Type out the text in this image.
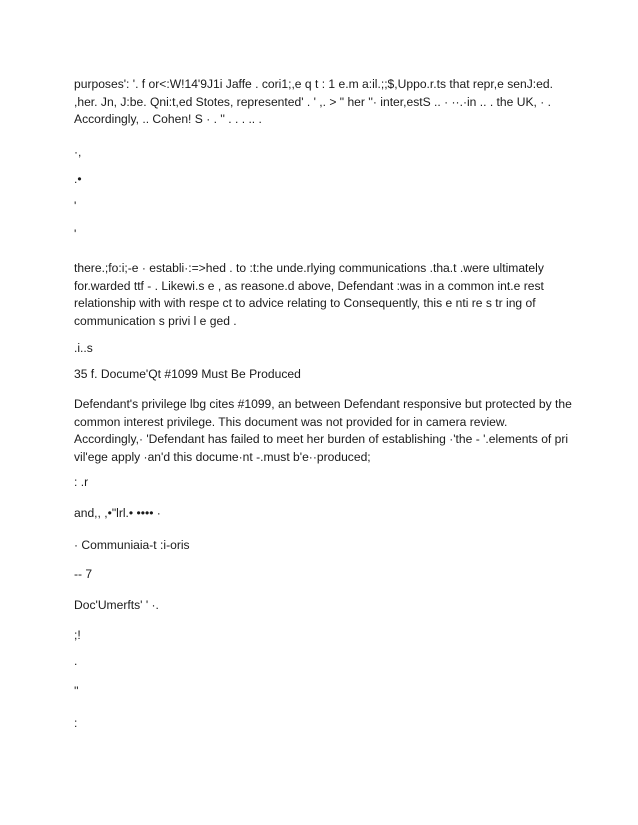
purposes': '. f or<:W!14'9J1i Jaffe . cori1;,e q t : 1 e.m a:il.;;$,Uppo.r.ts that repr,e senJ:ed. ,her. Jn, J:be. Qni:t,ed Stotes, represented' . ' ,. > " her ''· inter,estS .. · ··.·in .. . the UK, · . Accordingly, .. Cohen! S · . '' . . . .. .

·,

.•

'

'

there.;fo:i;-e · establi·:=>hed . to :t:he unde.rlying communications .tha.t .were ultimately for.warded ttf - . Likewi.s e , as reasone.d above, Defendant :was in a common int.e rest relationship with with respe ct to advice relating to Consequently, this e nti re s tr ing of communication s privi l e ged .

.i..s

35 f. Docume'Qt #1099 Must Be Produced

Defendant's privilege lbg cites #1099, an between Defendant responsive but protected by the common interest privilege. This document was not provided for in camera review. Accordingly,· 'Defendant has failed to meet her burden of establishing ·'the - '.elements of pri vil'ege apply ·an'd this docume·nt -.must b'e··produced;

: .r

and,, ,•"lrl.• •••• ·

· Communiaia-t :i-oris

-- 7

Doc'Umerfts' ' ·.

;!

.

''

:
